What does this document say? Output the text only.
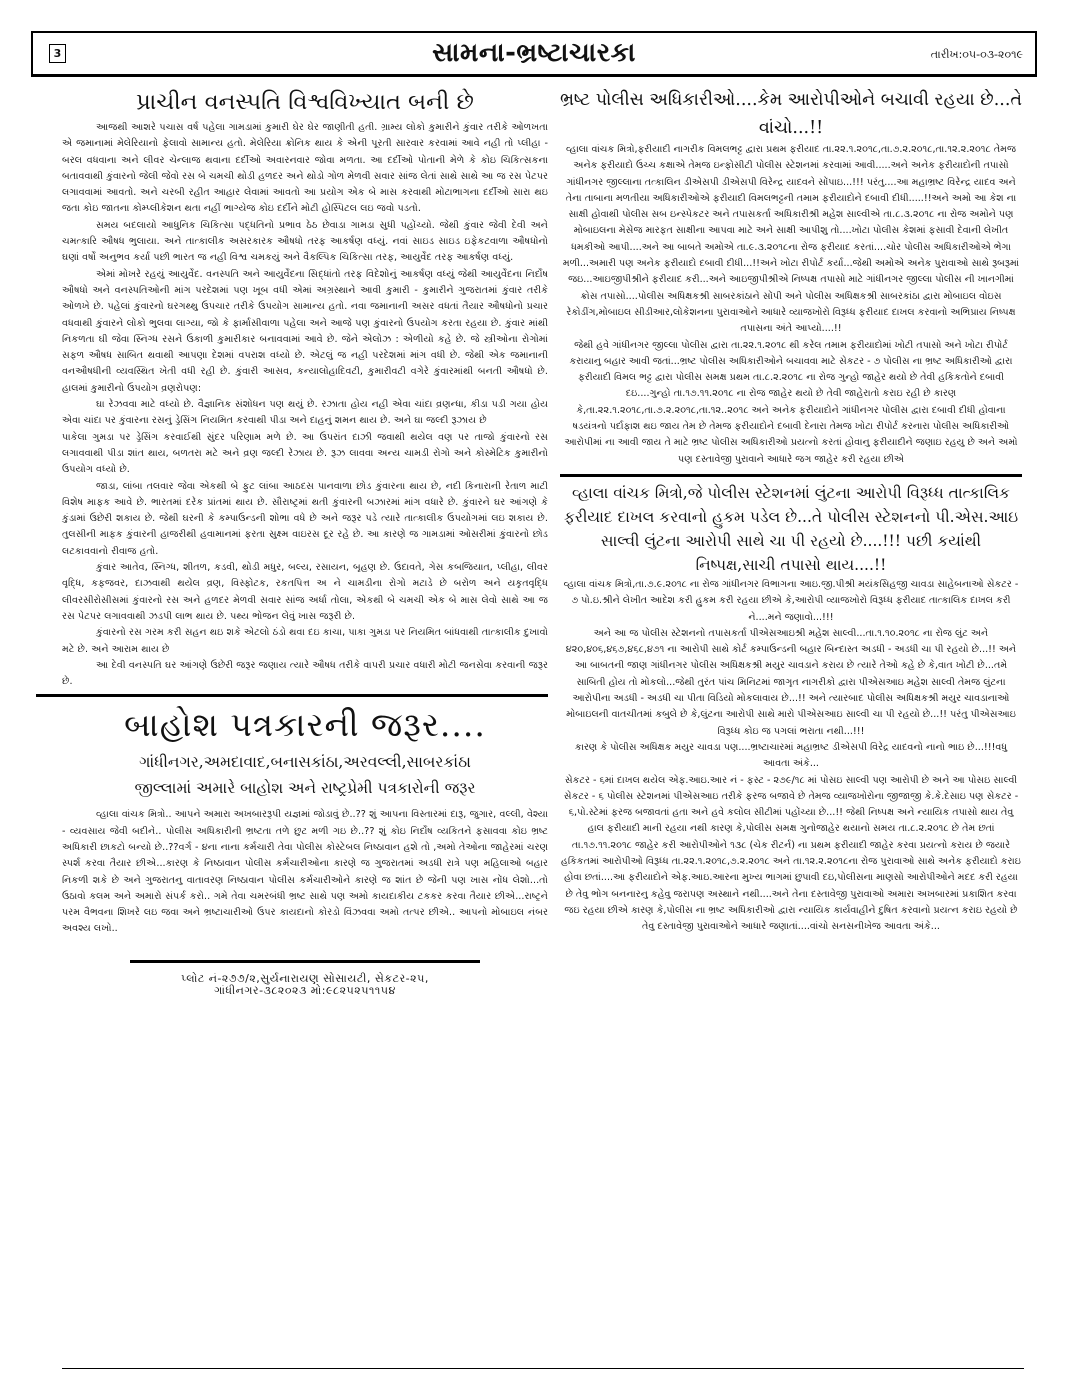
3	સામના-ભ્રષ્ટાચારકા	તારીખ:૦૫-૦૩-૨૦૧૯
પ્રાચીન વનસ્પતિ વિશ્વવિખ્યાત બની છે

આજથી આશરે પચાસ વર્ષ પહેલા ગામડામાં કુમારી ઘેર ઘેર જાણીતી હતી. ગ્રામ્ય લોકો કુમારીને કુંવાર તરીકે ઓળખતા એ જમાનામાં મેલેરિયાનો ફેલાવો સામાન્ય હતો. મેલેરિયા ક્રોનિક થાય કે એની પૂરતી સારવાર કરવામાં આવે નહી તો પ્લીહા - બરલ વધવાના અને લીવર ચેન્લાજ થવાના દર્દીઓ અવારનવાર જોવા મળતા. આ દર્દીઓ પોતાની મેળે કે કોઇ ચિકિત્સકના બતાવવાથી કુંવારનો જેલી જેવો રસ બે ચમચી થોડી હળદર અને થોડો ગોળ મેળવી સવાર સાંજ લેતાં સાથે સાથે આ જ રસ પેટપર લગાવવામાં આવતો. અને ચરબી રહીત આહાર લેવામાં આવતો આ પ્રયોગ એક બે માસ કરવાથી મોટાભાગના દર્દીઓ સારા થઇ જતા કોઇ જાતના કોમ્પ્લીકેશન થતા નહીં ભાગ્યેજ કોઇ દર્દીને મોટી હોસ્પિટલ લઇ જવો પડતો.

સમય બદલાયો આધુનિક ચિકિત્સા પદ્ધતિનો પ્રભાવ ઠેઠ છેવાડા ગામડા સુધી પહોંચ્યો. જેથી કુંવાર જેવી દેવી અને ચમત્કારિ ઔષધ ભુલાયા. અને તાત્કાલીક અસરકારક ઔષધો તરફ આકર્ષણ વધ્યું. નવાં સાઇડ સાઇડ ઇફેકટવાળા ઔષધોનો ઘણાં વર્ષો અનુભવ કર્યા પછી ભારત જ નહી વિશ્વ ચમકયું અને વૈકલ્પિક ચિકિત્સા તરફ, આયુર્વેદ તરફ આકર્ષણ વધ્યું.

એમાં મોખરે રહયું આયુર્વેદ. વનસ્પતિ અને આયુર્વેદના સિદ્ધાંતો તરફ વિદેશોનું આકર્ષણ વધ્યું જેથી આયુર્વેદના નિર્દોષ ઔષધો અને વનસ્પતિઓની માંગ પરદેશમાં પણ ખૂબ વધી એમાં અગ્રસ્થાને આવી કુમારી - કુમારીને ગુજરાતમાં કુંવાર તરીકે ઓળખે છે. પહેલાં કુંવારનો ઘરગથ્થુ ઉપચાર તરીકે ઉપયોગ સામાન્ય હતો. નવા જમાનાની અસર વધતાં તૈયાર ઔષધોનો પ્રચાર વધવાથી કુંવારને લોકો ભુલવા લાગ્યા, જો કે ફાર્માસીવાળા પહેલા અને આજે પણ કુંવારનો ઉપયોગ કરતા રહયા છે. કુંવાર માંથી નિકળતા ઘી જેવા સ્નિગ્ધ રસને ઉકાળી કુમારીકાર બનાવવામાં આવે છે. જેને એલોઝ : એળીયો કહે છે. જે સ્ત્રીઓના રોગોમાં સફળ ઔષધ સાબિત થવાથી આપણા દેશમાં વપરાશ વધ્યો છે. એટલું જ નહી પરદેશમાં માંગ વધી છે. જેથી એક જમાનાની વનઔષધીની વ્યવસ્થિત ખેતી વધી રહી છે. કુંવારી આસવ, કન્યાલોહાદિવટી, કુમારીવટી વગેરે કુંવારમાંથી બનતી ઔષધો છે. હાલમાં કુમારીનો ઉપયોગ વ્રણરોપણ:

ઘા રેઝવવા માટે વધ્યો છે. વૈજ્ઞાનિક સંશોધન પણ થયું છે. રઝાતા હોય નહી એવા ચાંદા વ્રણન્ધા, કીડા પડી ગયા હોય એવા ચાંદા પર કુંવારના રસનું ડ્રેસિંગ નિયમિત કરવાથી પીડા અને દાહનું શમન થાય છે. અને ઘા જલ્દી રૂઝાય છે

પાકેલા ગુમડા પર ડ્રેસિંગ કરવાઈથી સુંદર પરિણામ મળે છે. આ ઉપરાંત દાઝી જવાથી થયેલ વણ પર તાજો કુંવારનો રસ લગાવવાથી પીડા શાંત થાય, બળતરા મટે અને વ્રણ જલ્દી રેઝાય છે. રૂઝ લાવવા અન્ય ચામડી રોગો અને કોસ્મેટિક કુમારીનો ઉપયોગ વધ્યો છે.

જાડા, લાંબા તલવાર જેવા એકથી બે ફુટ લાંબા આઠદસ પાનવાળા છોડ કુંવારના થાય છે, નદી કિનારાની રેતાળ માટી વિશેષ માફક આવે છે. ભારતમાં દરેક પ્રાંતમાં થાય છે. સૌરાષ્ટ્રમાં થતી કુંવારની બઝારમાં માંગ વધારે છે. કુંવારને ઘર આંગણે કે કુંડામાં ઉછેરી શકાય છે. જેથી ઘરની કે કમ્પાઉન્ડની શોભા વધે છે અને જરૂર પડે ત્યારે તાત્કાલીક ઉપયોગમાં લઇ શકાય છે. તુલસીની માફક કુંવારની હાજરીથી હવામાનમાં ફરતા સુક્ષ્મ વાઇરસ દૂર રહે છે. આ કારણે જ ગામડામાં ઓસરીમાં કુંવારનો છોડ લટકાવવાનો રીવાજ હતો.

કુંવાર આતેવ, સ્નિગ્ધ, શીતળ, કડવી, થોડી મધુર, બલ્ય, રસાયન, બૃહણ છે. ઉદાવતે, ગેસ કબજિયાત, પ્લીહા, લીવર વૃદ્ધિ, કફજવર, દાઝવાથી થયેલ વ્રણ, વિસ્ફોટક, રકતપિત્ત અ ને ચામડીના રોગો મટાડે છે બરોળ અને યકૃતવૃદ્ધિ લીવરસીરોસીસમાં કુંવારનો રસ અને હળદર મેળવી સવાર સાંજ અર્ધા તોલા, એકથી બે ચમચી એક બે માસ લેવો સાથે આ જ રસ પેટપર લગાવવાથી ઝડપી લાભ થાય છે. પથ્ય ભોજન લેવું ખાસ જરૂરી છે.

કુંવારનો રસ ગરમ કરી સહન થઇ શકે એટલો ઠંડો થવા દઇ કાચા, પાકા ગુમડા પર નિયમિત બાંધવાથી તાત્કાલીક દુખાવો મટે છે. અને આરામ થાય છે

આ દેવી વનસ્પતિ ઘર આંગણે ઉછેરી જરૂર જણાય ત્યારે ઔષધ તરીકે વાપરી પ્રચાર વધારી મોટી જનસેવા કરવાની જરૂર છે.

બાહોશ પત્રકારની જરૂર....
ગાંધીનગર,અમદાવાદ,બનાસકાંઠા,અરવલ્લી,સાબરકાંઠા
જીલ્લામાં અમારે બાહોશ અને રાષ્ટ્રપ્રેમી પત્રકારોની જરૂર

વ્હાલા વાંચક મિત્રો.. આપને અમારા અખબારરૂપી યજ્ઞમાં જોડાવું છે..?? શું આપના વિસ્તારમાં દારૂ, જુગાર, વલ્લી, વેશ્યા - વ્યવસાય જેવી બદીને.. પોલીસ અધિકારીની ભ્રષ્ટતા તળે છુટ મળી ગઇ છે..?? શું કોઇ નિર્દોષ વ્યકિતને ફસાવવા કોઇ ભ્રષ્ટ અધિકારી છાકટો બન્યો છે..??વર્ગ - ૪ના નાના કર્મચારી તેવા પોલીસ કોસ્ટેબલ નિષ્ઠાવાન હશે તો ,અમો તેઓના જાહેરમાં ચરણ સ્પર્શ કરવા તૈયાર છીએ...કારણ કે નિષ્ઠાવાન પોલીસ કર્મચારીઓના કારણે જ ગુજરાતમાં અડધી રાત્રે પણ મહિલાઓ બહાર નિકળી શકે છે અને ગુજરાતનુ વાતાવરણ નિષ્ઠાવાન પોલીસ કર્મચારીઓને કારણે જ શાંત છે જેની પણ ખાસ નોંધ લેશો...તો ઉઠાવો કલમ અને અમારો સંપર્ક કરો.. ગમે તેવા ચમરબંધી ભ્રષ્ટ સાથે પણ અમો કાયદાકીય ટકકર કરવા તૈયાર છીએ...રાષ્ટ્રને પરમ વૈભવના શિખરે લઇ જવા અને ભ્રષ્ટાચારીઓ ઉપર કાયદાનો કોરડો વિંઝવવા અમો તત્પર છીએ.. આપનો મોબાઇલ નંબર અવશ્ય લખો..

પ્લોટ નં-૨૭૭/૨,સુર્યનારાયણ સોસાયટી, સેકટર-૨૫,
ગાંધીનગર-૩૮૨૦૨૩ મો:૯૮૨૫૨૫૧૧૫૪
ભ્રષ્ટ પોલીસ અધિકારીઓ....કેમ આરોપીઓને બચાવી રહયા છે...તે વાંચો...!!

વ્હાલા વાંચક મિત્રો,ફરીયાદી નાગરીક વિમલભટ્ટ દ્વારા પ્રથમ ફરીયાદ તા.૨૨.૧.૨૦૧૮,તા.૭.૨.૨૦૧૮,તા.૧૨.૨.૨૦૧૮ તેમજ અનેક ફરીયાદો ઉચ્ચ કક્ષાએ તેમજ ઇન્ફોસીટી પોલીસ સ્ટેશનમાં કરવામાં આવી.....અને અનેક ફરીયાદોની તપાસો ગાંધીનગર જીલ્લાના તત્કાલિન ડીએસપી ડીએસપી વિરેન્દ્ર યાદવને સોંપાઇ...!!! પરંતુ....આ મહાભ્રષ્ટ વિરેન્દ્ર યાદવ અને તેના તાબાના મળતીયા અધિકારીઓએ ફરીયાદી વિમલભટ્ટની તમામ ફરીયાદોને દબાવી દીધી.....!!અને અમો આ કેશ ના સાક્ષી હોવાથી પોલીસ સબ ઇન્સ્પેકટર અને તપાસકર્તા અધિકારીશ્રી મહેશ સાલ્વીએ તા.૮.૩.૨૦૧૮ ના રોજ અમોને પણ મોબાઇલના મેસેજ મારફત સાક્ષીના આપવા માટે અને સાક્ષી આપીશુ તો....ખોટા પોલીસ કેશમાં ફસાવી દેવાની લેખીત ધમકીઓ આપી....અને આ બાબતે અમોએ તા.૯.૩.૨૦૧૮ના રોજ ફરીયાદ કરતાં....ચોર પોલીસ અધિકારીઓએ ભેગા મળી...અમારી પણ અનેક ફરીયાદો દબાવી દીધી...!!અને ખોટા રીપોર્ટ કર્યા...જેથી અમોએ અનેક પુરાવાઓ સાથે રૂબરૂમાં જઇ...આઇજીપીશ્રીને ફરીયાદ કરી...અને આઇજીપીશ્રીએ નિષ્પક્ષ તપાસો માટે ગાંધીનગર જીલ્લા પોલીસ ની ખાનગીમાં ક્રોસ તપાસો....પોલીસ અધિક્ષકશ્રી સાબરકાંઠાને સોંપી અને પોલીસ અધિક્ષકશ્રી સાબરકાંઠા દ્વારા મોબાઇલ વોઇસ રેકોડીંગ,મોબાઇલ સીડીઆર,લોકેશનના પુરાવાઓને આધારે વ્યાજખોરો વિરૂધ્ધ ફરીયાદ દાખલ કરવાનો અભિપ્રાય નિષ્પક્ષ તપાસના અંતે આપ્યો....!!

જેથી હવે ગાંધીનગર જીલ્લા પોલીસ દ્વારા તા.૨૨.૧.૨૦૧૮ થી કરેલ તમામ ફરીયાદોમાં ખોટી તપાસો અને ખોટા રીપોર્ટ કરાયાનુ બહાર આવી જતાં...ભ્રષ્ટ પોલીસ અધિકારીઓને બચાવવા માટે સેકટર - ૭ પોલીસ ના ભ્રષ્ટ અધિકારીઓ દ્વારા ફરીયાદી વિમલ ભટ્ટ દ્વારા પોલીસ સમક્ષ પ્રથમ તા.૮.૨.૨૦૧૮ ના રોજ ગુન્હો જાહેર થયો છે તેવી હકિકતોને દબાવી દઇ....ગુન્હો તા.૧૭.૧૧.૨૦૧૮ ના રોજ જાહેર થયો છે તેવી જાહેરાતો કરાઇ રહી છે કારણ કે,તા.૨૨.૧.૨૦૧૮,તા.૭.૨.૨૦૧૮,તા.૧૨..૨૦૧૮ અને અનેક ફરીયાદોને ગાંધીનગર પોલીસ દ્વારા દબાવી દીધી હોવાના ષડયંત્રનો પર્દાફાશ થઇ જાય તેમ છે તેમજ ફરીયાદોને દબાવી દેનારા તેમજ ખોટા રીપોર્ટ કરનારા પોલીસ અધિકારીઓ આરોપીમાં ના આવી જાય તે માટે ભ્રષ્ટ પોલીસ અધિકારીઓ પ્રયત્નો કરતાં હોવાનુ ફરીયાદીને જણાઇ રહયુ છે અને અમો પણ દસ્તાવેજી પુરાવાને આધારે જગ જાહેર કરી રહયા છીએ

વ્હાલા વાંચક મિત્રો,જે પોલીસ સ્ટેશનમાં લુંટના આરોપી વિરૂધ્ધ તાત્કાલિક ફરીયાદ દાખલ કરવાનો હુકમ પડેલ છે...તે પોલીસ સ્ટેશનનો પી.એસ.આઇ સાલ્વી લુંટના આરોપી સાથે ચા પી રહયો છે....!!! પછી કયાંથી નિષ્પક્ષ,સાચી તપાસો થાય....!!

વ્હાલા વાંચક મિત્રો,તા.૭.૯.૨૦૧૮ ના રોજ ગાંધીનગર વિભાગના આઇ.જી.પીશ્રી મયંકસિહજી ચાવડા સાહેબનાઓ સેકટર - ૭ પો.ઇ.શ્રીને લેખીત આદેશ કરી હુકમ કરી રહયા છીએ કે,આરોપી વ્યાજખોરો વિરૂધ્ધ ફરીયાદ તાત્કાલિક દાખલ કરી ને....મને જણાવો...!!!

અને આ જ પોલીસ સ્ટેશનનો તપાસકર્તા પીએસઆઇશ્રી મહેશ સાલ્વી...તા.૧.૧૦.૨૦૧૮ ના રોજ લુંટ અને ૪૨૦,૪૦૬,૪૬૭,૪૬૮,૪૭૧ ના આરોપી સાથે કોર્ટ કમ્પાઉન્ડની બહાર બિન્દાસ્ત અડધી - અડધી ચા પી રહયો છે...!! અને આ બાબતની જાણ ગાંધીનગર પોલીસ અધિક્ષકશ્રી મયુર ચાવડાને કરાય છે ત્યારે તેઓ કહે છે કે,વાત ખોટી છે...તમે સાબિતી હોય તો મોકલો...જેથી તુરંત પાંચ મિનિટમાં જાગૃત નાગરીકો દ્વારા પીએસઆઇ મહેશ સાલ્વી તેમજ લુંટના આરોપીના અડધી - અડધી ચા પીતા વિડિયો મોકલાવાય છે...!! અને ત્યારબાદ પોલીસ અધિક્ષકશ્રી મયુર ચાવડાનાઓ મોબાઇલની વાતચીતમાં કબુલે છે કે,લુંટના આરોપી સાથે મારો પીએસઆઇ સાલ્વી ચા પી રહયો છે...!! પરંતુ પીએસઆઇ વિરૂધ્ધ કોઇ જ પગલાં ભરાતા નથી...!!!

કારણ કે પોલીસ અધિક્ષક મયુર ચાવડા પણ....ભ્રષ્ટાચારમાં મહાભ્રષ્ટ ડીએસપી વિરેદ્ર યાદવનો નાનો ભાઇ છે...!!!વધુ આવતા અંકે...

સેકટર - ૬માં દાખલ થયેલ એફ.આઇ.આર નં - ફસ્ટ - ૨૭૯/૧૮ માં પોસઇ સાલ્વી પણ આરોપી છે અને આ પોસઇ સાલ્વી સેકટર - ૬ પોલીસ સ્ટેશનમાં પીએસઆઇ તરીકે ફરજ બજાવે છે તેમજ વ્યાજખોરોના જીજાજી કે.કે.દેસાઇ પણ સેકટર - ૬,પો.સ્ટેમાં ફરજ બજાવતાં હતા અને હવે કલોલ સીટીમાં પહોંચ્યા છે...!! જેથી નિષ્પક્ષ અને ન્યાયિક તપાસો થાય તેવુ હાલ ફરીયાદી માની રહયા નથી કારણ કે,પોલીસ સમક્ષ ગુનોજાહેર થયાનો સમય તા.૮.૨.૨૦૧૮ છે તેમ છતાં તા.૧૭.૧૧.૨૦૧૮ જાહેર કરી આરોપીઓને ૧૩૮ (ચેક રીટર્ન) ના પ્રથમ ફરીયાદી જાહેર કરવા પ્રયત્નો કરાય છે જયારે હકિકતમાં આરોપીઓ વિરૂધ્ધ તા.૨૨.૧.૨૦૧૮,૭.૨.૨૦૧૮ અને તા.૧૨.૨.૨૦૧૮ના રોજ પુરાવાઓ સાથે અનેક ફરીયાદો કરાઇ હોવા છતાં....આ ફરીયાદોને એફ.આઇ.આરના મુખ્ય ભાગમાં છુપાવી દઇ,પોલીસના માણસો આરોપીઓને મદદ કરી રહયા છે તેવુ ભોગ બનનારનુ કહેવુ જરાપણ અસ્થાને નથી....અને તેના દસ્તાવેજી પુરાવાઓ અમારા અખબારમાં પ્રકાશિત કરવા જઇ રહયા છીએ કારણ કે,પોલીસ ના ભ્રષ્ટ અધિકારીઓ દ્વારા ન્યાયિક કાર્યવાહીને દુષિત કરવાનો પ્રયત્ન કરાઇ રહયો છે તેવુ દસ્તાવેજી પુરાવાઓને આધારે જણાતાં....વાંચો સનસનીખેજ આવતા અંકે...
